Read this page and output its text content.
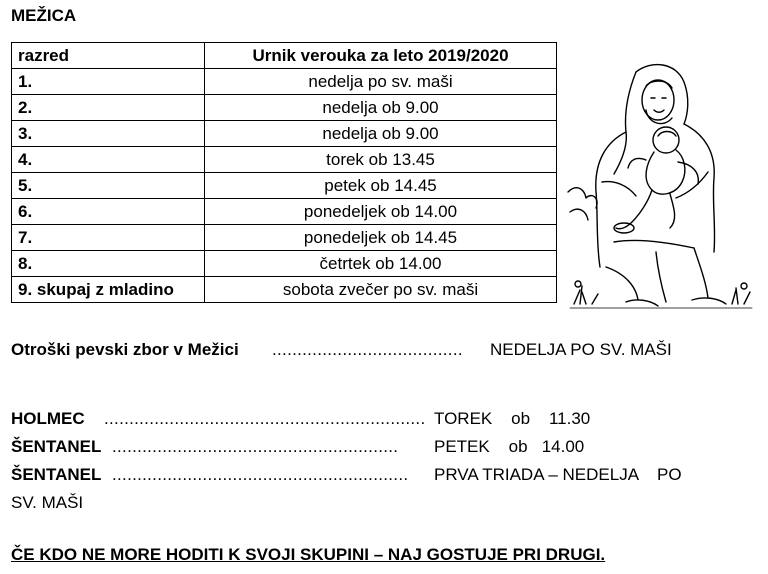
MEŽICA
razred	Urnik verouka za leto 2019/2020
1.	nedelja po sv. maši
2.	nedelja ob 9.00
3.	nedelja ob 9.00
4.	torek ob 13.45
5.	petek ob 14.45
6.	ponedeljek ob 14.00
7.	ponedeljek ob 14.45
8.	četrtek ob 14.00
9. skupaj z mladino	sobota zvečer po sv. maši
Otroški pevski zbor v Mežici ...................................... NEDELJA PO SV. MAŠI
HOLMEC ................................................................ TOREK    ob    11.30
ŠENTANEL ......................................................... PETEK    ob   14.00
ŠENTANEL ........................................................... PRVA TRIADA – NEDELJA    PO
SV. MAŠI
ČE KDO NE MORE HODITI K SVOJI SKUPINI – NAJ GOSTUJE PRI DRUGI.
